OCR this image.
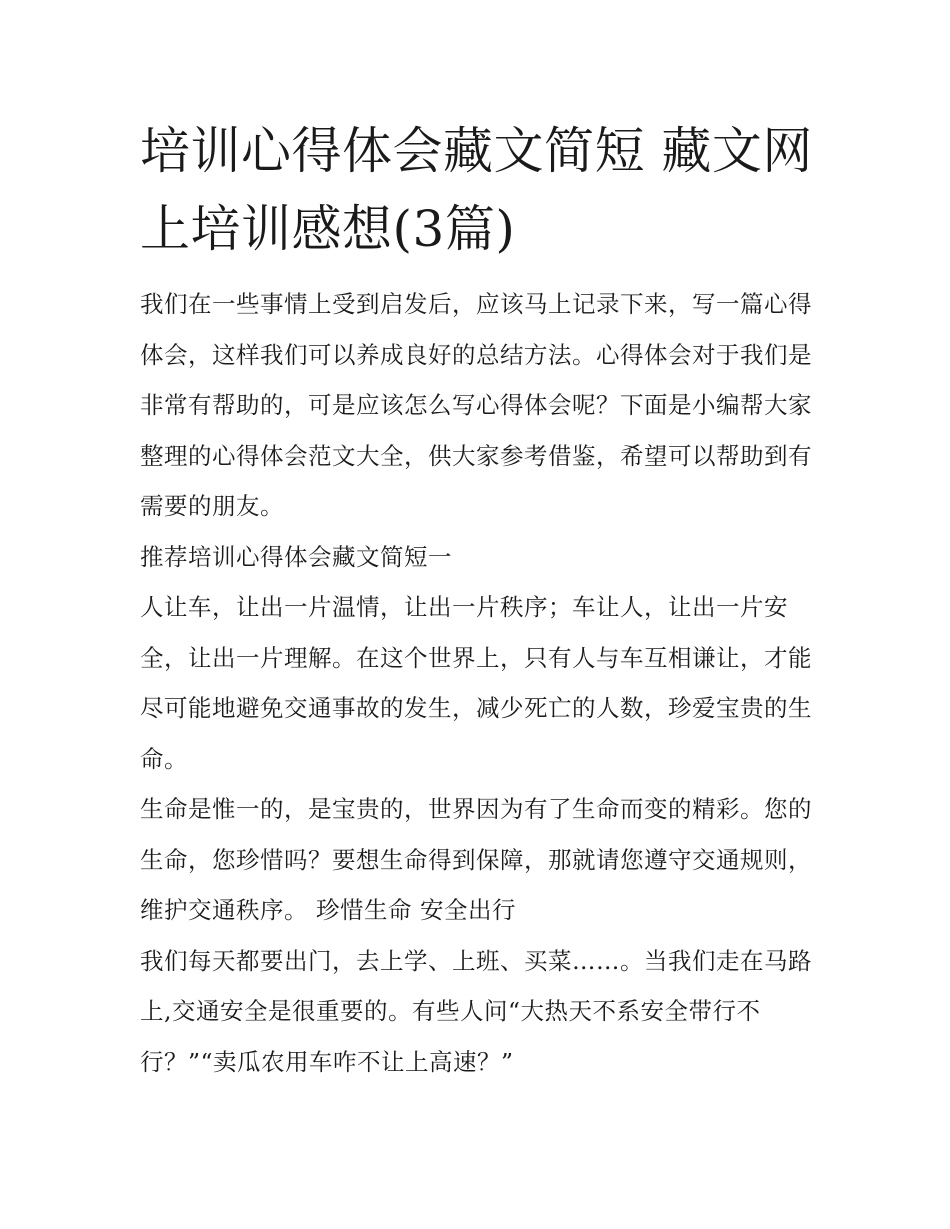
培训心得体会藏文简短 藏文网上培训感想(3篇)

我们在一些事情上受到启发后，应该马上记录下来，写一篇心得体会，这样我们可以养成良好的总结方法。心得体会对于我们是非常有帮助的，可是应该怎么写心得体会呢？下面是小编帮大家整理的心得体会范文大全，供大家参考借鉴，希望可以帮助到有需要的朋友。

推荐培训心得体会藏文简短一

人让车，让出一片温情，让出一片秩序；车让人，让出一片安全，让出一片理解。在这个世界上，只有人与车互相谦让，才能尽可能地避免交通事故的发生，减少死亡的人数，珍爱宝贵的生命。

生命是惟一的，是宝贵的，世界因为有了生命而变的精彩。您的生命，您珍惜吗？要想生命得到保障，那就请您遵守交通规则，维护交通秩序。 珍惜生命 安全出行

我们每天都要出门，去上学、上班、买菜……。当我们走在马路上,交通安全是很重要的。有些人问“大热天不系安全带行不行？”“卖瓜农用车咋不让上高速？”
